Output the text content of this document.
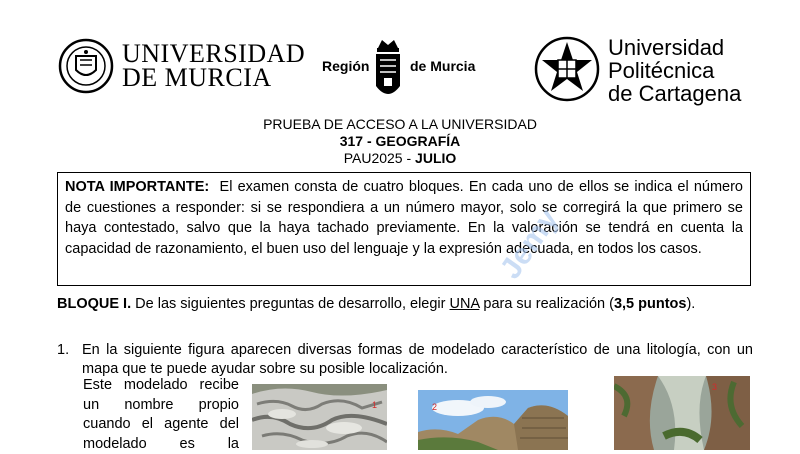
UNIVERSIDAD
DE MURCIA	Región	de Murcia
Universidad
Politécnica
de Cartagena
PRUEBA DE ACCESO A LA UNIVERSIDAD
317 - GEOGRAFÍA
PAU2025 - JULIO
NOTA IMPORTANTE: El examen consta de cuatro bloques. En cada uno de ellos se indica el número de cuestiones a responder: si se respondiera a un número mayor, solo se corregirá la que primero se haya contestado, salvo que la haya tachado previamente. En la valoración se tendrá en cuenta la capacidad de razonamiento, el buen uso del lenguaje y la expresión adecuada, en todos los casos.
BLOQUE I. De las siguientes preguntas de desarrollo, elegir UNA para su realización (3,5 puntos).
1. En la siguiente figura aparecen diversas formas de modelado característico de una litología, con un mapa que te puede ayudar sobre su posible localización.
Este modelado recibe
un nombre propio
cuando el agente del
modelado es la
1	2
3
Jemy
